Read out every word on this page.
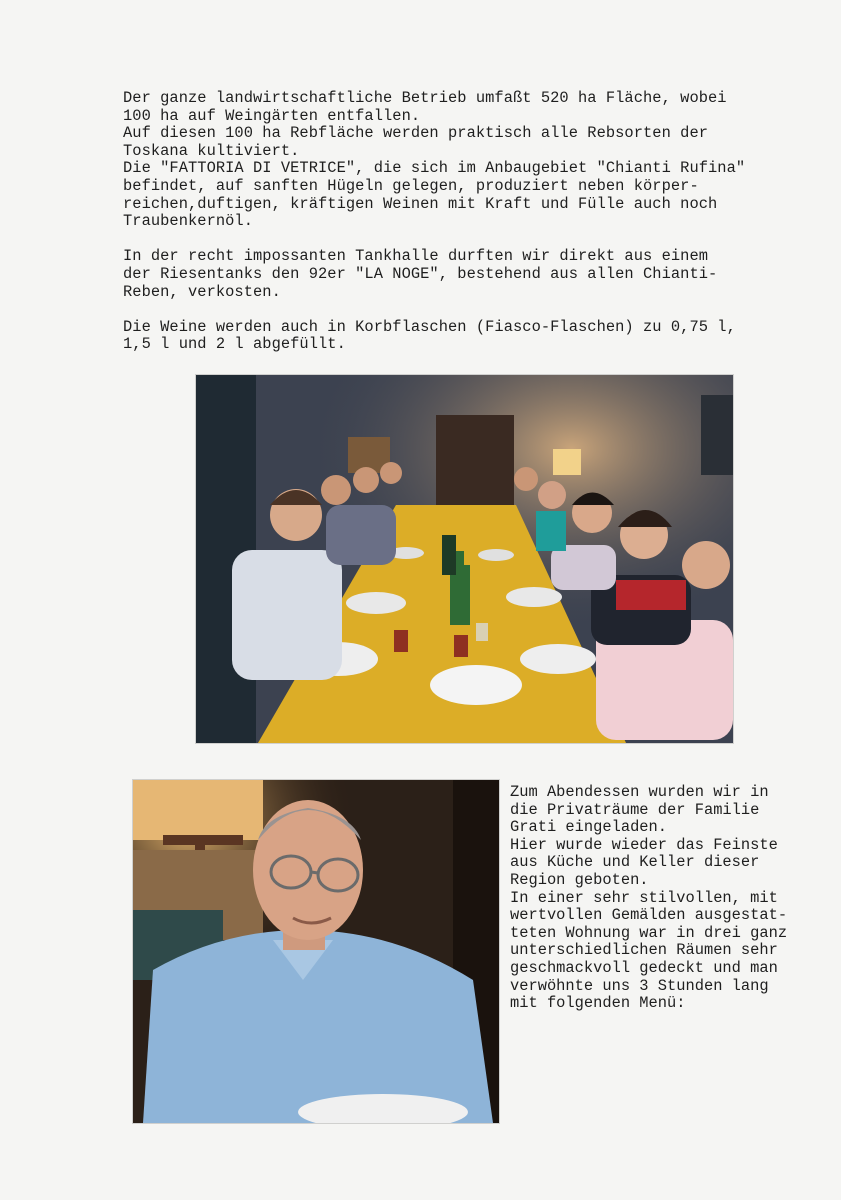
Der ganze landwirtschaftliche Betrieb umfaßt 520 ha Fläche, wobei
100 ha auf Weingärten entfallen.
Auf diesen 100 ha Rebfläche werden praktisch alle Rebsorten der
Toskana kultiviert.
Die "FATTORIA DI VETRICE", die sich im Anbaugebiet "Chianti Rufina"
befindet, auf sanften Hügeln gelegen, produziert neben körper-
reichen,duftigen, kräftigen Weinen mit Kraft und Fülle auch noch
Traubenkernöl.
In der recht impossanten Tankhalle durften wir direkt aus einem
der Riesentanks den 92er "LA NOGE", bestehend aus allen Chianti-
Reben, verkosten.
Die Weine werden auch in Korbflaschen (Fiasco-Flaschen) zu 0,75 l,
1,5 l und 2 l abgefüllt.
Zum Abendessen wurden wir in
die Privaträume der Familie
Grati eingeladen.
Hier wurde wieder das Feinste
aus Küche und Keller dieser
Region geboten.
In einer sehr stilvollen, mit
wertvollen Gemälden ausgestat-
teten Wohnung war in drei ganz
unterschiedlichen Räumen sehr
geschmackvoll gedeckt und man
verwöhnte uns 3 Stunden lang
mit folgenden Menü:
